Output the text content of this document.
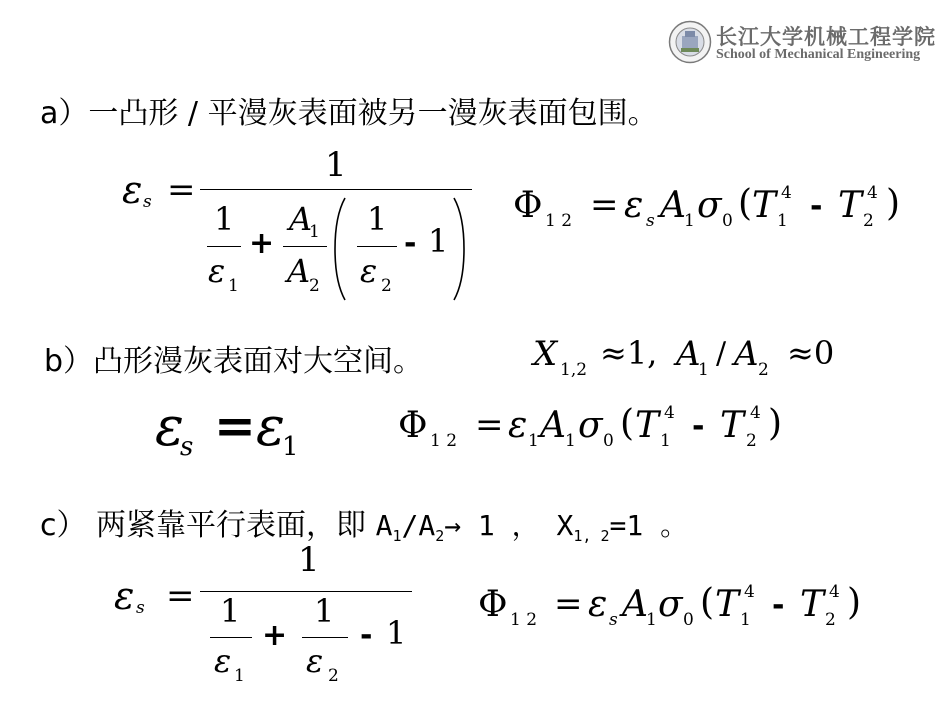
长江大学机械工程学院
School of Mechanical Engineering
a）一凸形 / 平漫灰表面被另一漫灰表面包围。
ε s =
1
1
ε 1
+
A
1
A
2
1
ε 2
- 1
Φ 1 2 = ε s A
1 σ 0 ( T 4
1 - T 4
2 )
b）凸形漫灰表面对大空间。	X 1,2 ≈1, A
1 / A 2 ≈0
ε
s = ε
1
Φ 1 2 = ε 1 A 1 σ 0 ( T 4
1 - T 4
2 )
c） 两紧靠平行表面，即 $A_1/A_2\to 1$ ， $X_{1, 2}=1$ 。
ε s =
1
1
ε 1
+
1
ε 2
- 1
Φ 1 2 = ε s A
1 σ 0 ( T 4
1 - T 4
2 )
